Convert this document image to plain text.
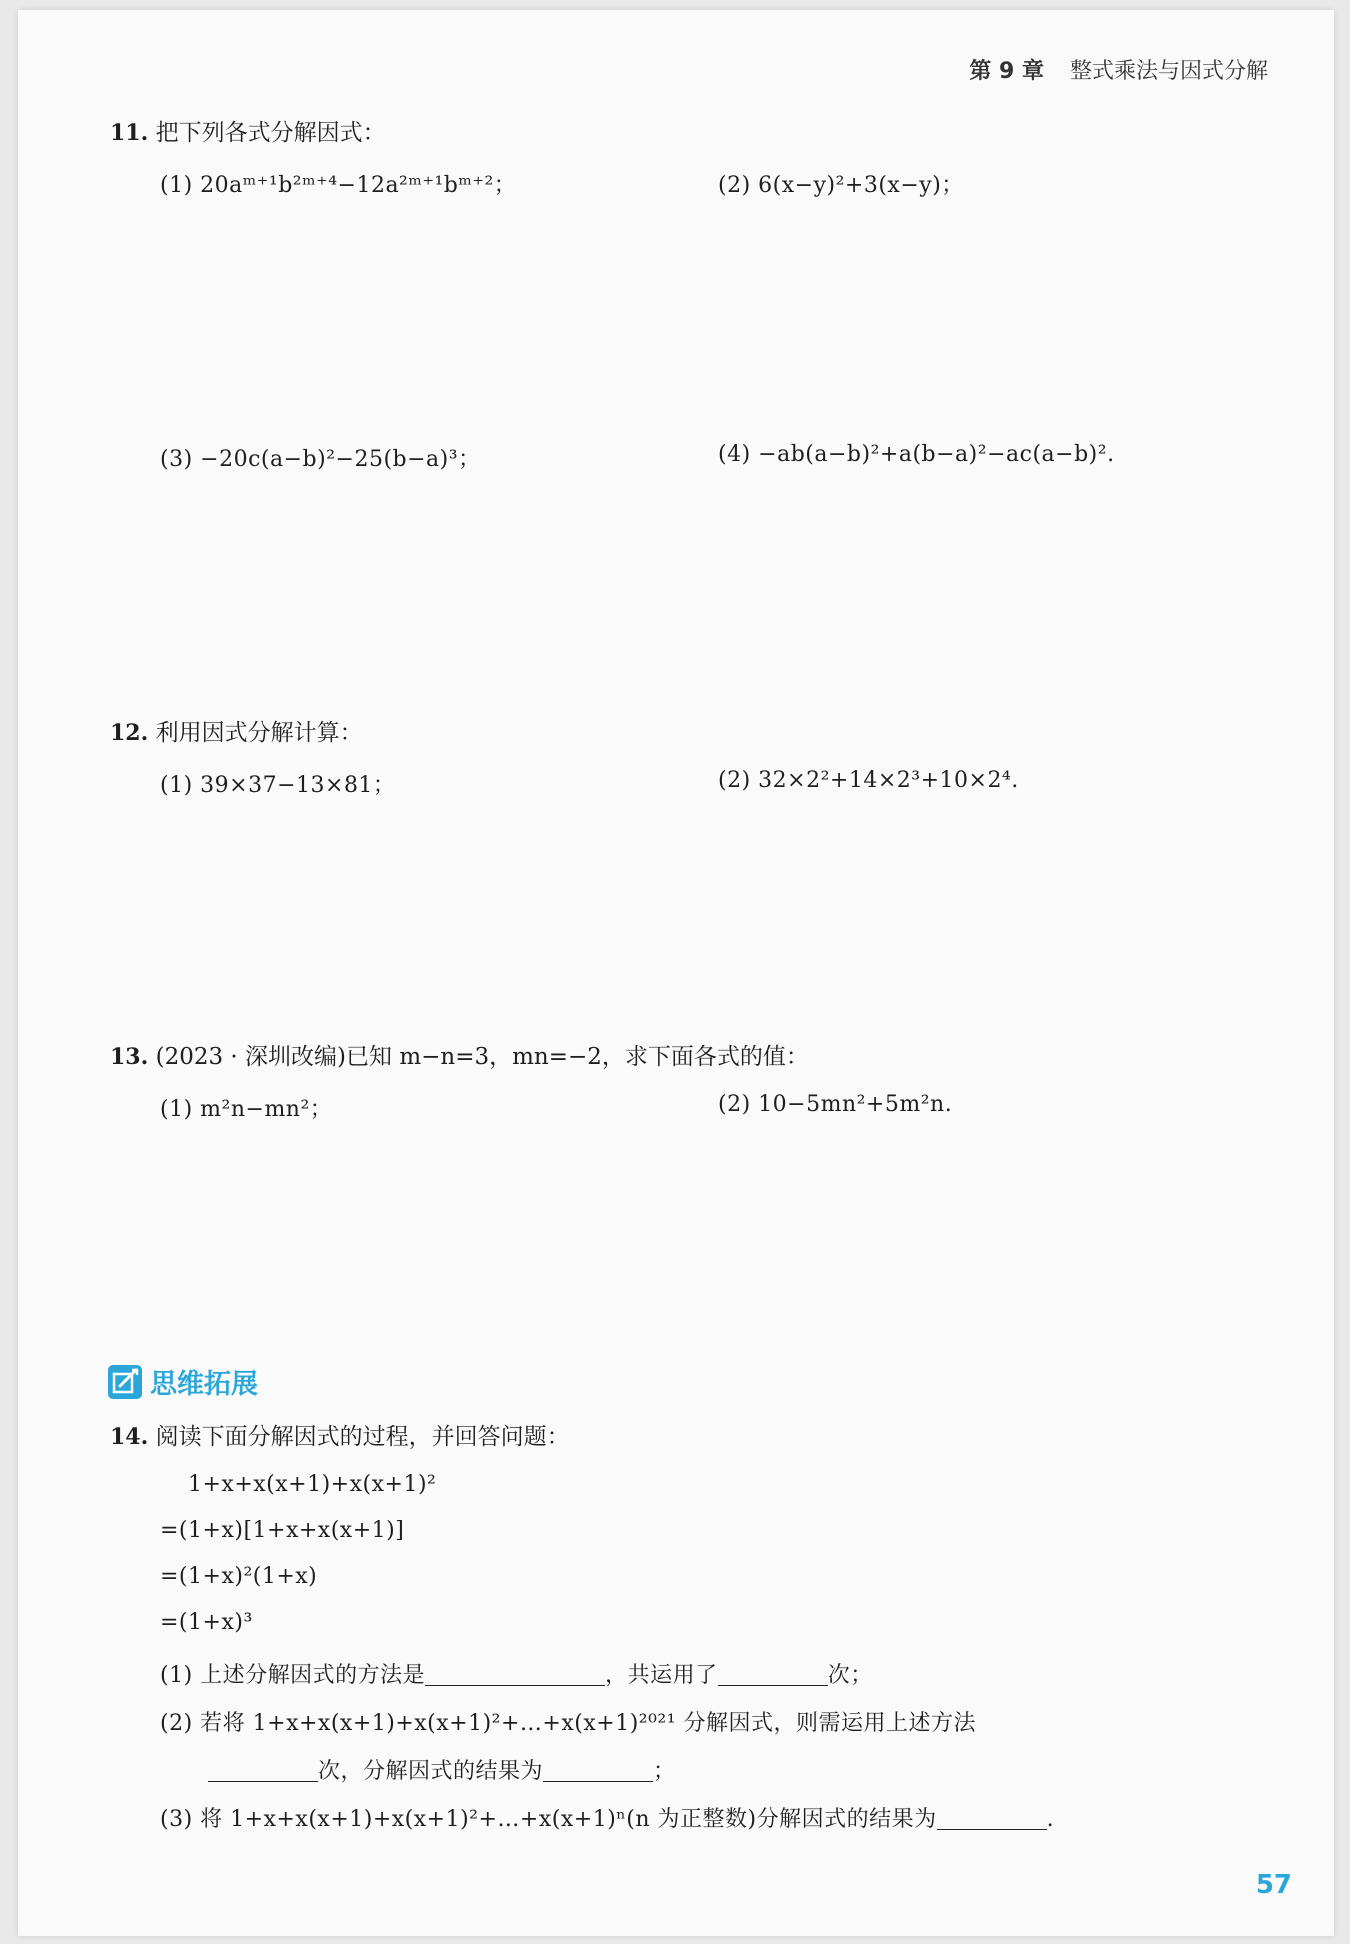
第 9 章 整式乘法与因式分解
11. 把下列各式分解因式：
(1) 20aᵐ⁺¹b²ᵐ⁺⁴−12a²ᵐ⁺¹bᵐ⁺²；	(2) 6(x−y)²+3(x−y)；
(3) −20c(a−b)²−25(b−a)³；	(4) −ab(a−b)²+a(b−a)²−ac(a−b)².
12. 利用因式分解计算：
(1) 39×37−13×81；	(2) 32×2²+14×2³+10×2⁴.
13. (2023 · 深圳改编)已知 m−n=3，mn=−2，求下面各式的值：
(1) m²n−mn²；	(2) 10−5mn²+5m²n.
思维拓展
14. 阅读下面分解因式的过程，并回答问题：
1+x+x(x+1)+x(x+1)²
=(1+x)[1+x+x(x+1)]
=(1+x)²(1+x)
=(1+x)³
(1) 上述分解因式的方法是	，共运用了	次；
(2) 若将 1+x+x(x+1)+x(x+1)²+…+x(x+1)²⁰²¹ 分解因式，则需运用上述方法
次，分解因式的结果为	；
(3) 将 1+x+x(x+1)+x(x+1)²+…+x(x+1)ⁿ(n 为正整数)分解因式的结果为	.
57
